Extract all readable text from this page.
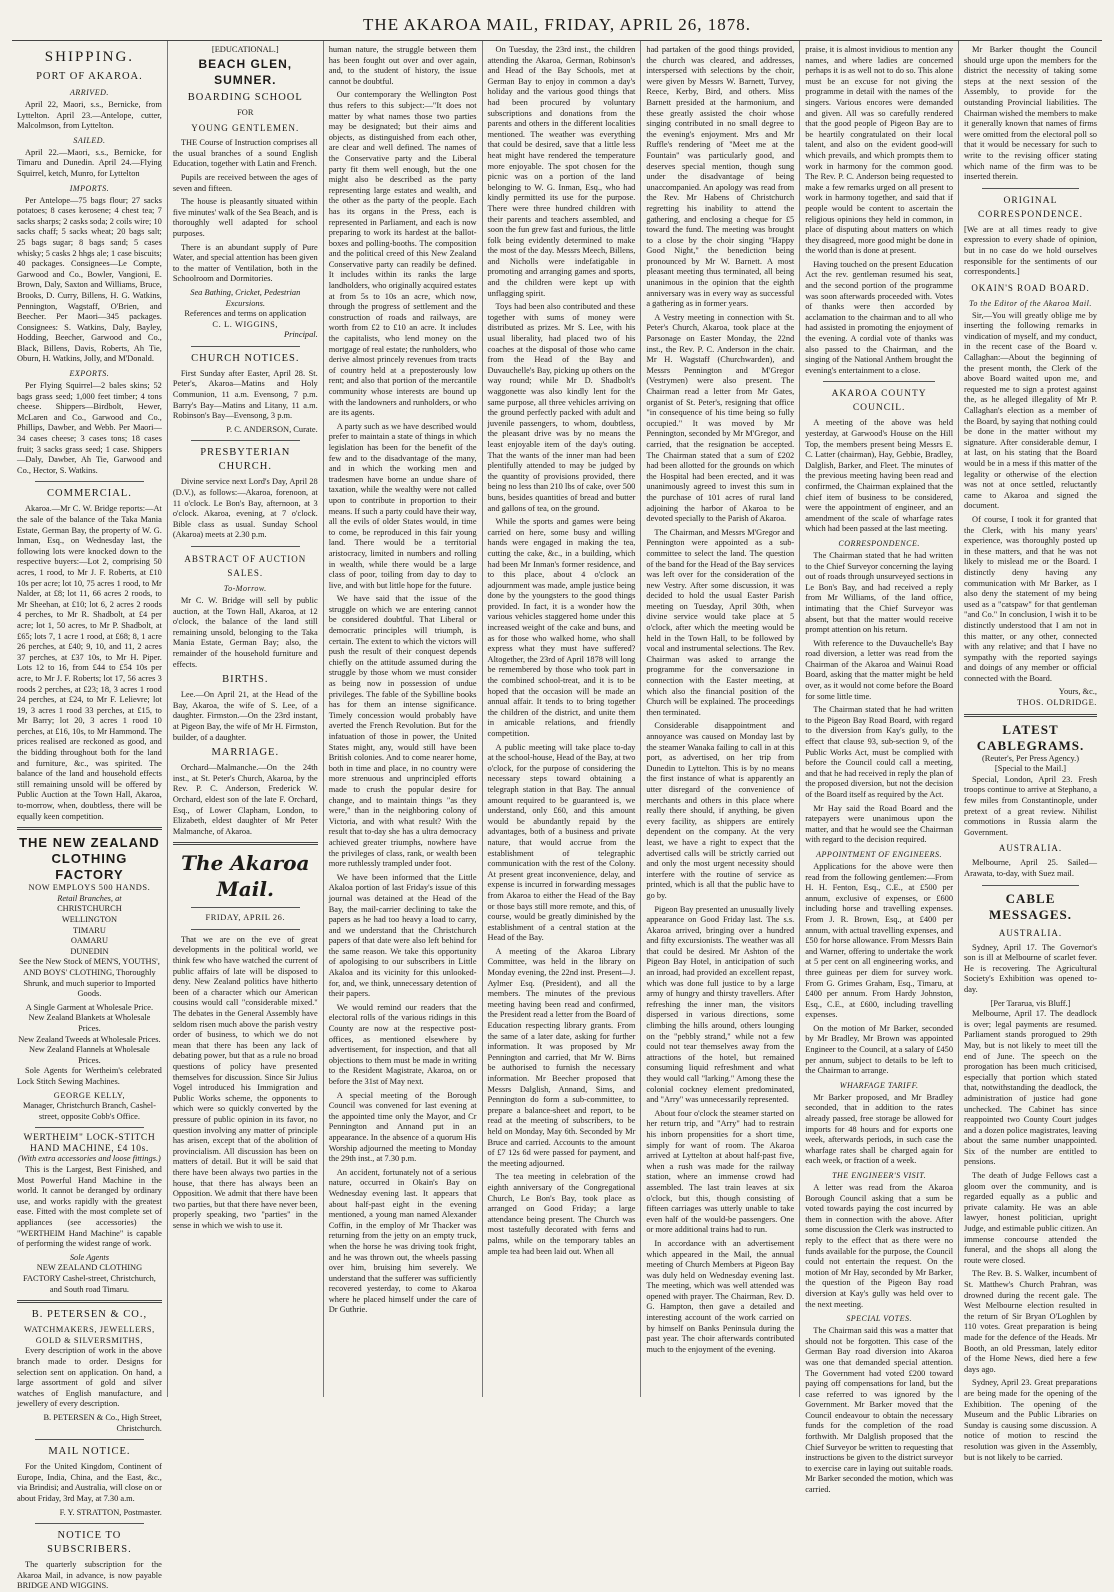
THE AKAROA MAIL, FRIDAY, APRIL 26, 1878.
SHIPPING.
PORT OF AKAROA.
ARRIVED.

April 22, Maori, s.s., Bernicke, from Lyttelton. April 23.—Antelope, cutter, Malcolmson, from Lyttelton.

SAILED.

April 22.—Maori, s.s., Bernicke, for Timaru and Dunedin. April 24.—Flying Squirrel, ketch, Munro, for Lyttelton

IMPORTS.

Per Antelope—75 bags flour; 27 sacks potatoes; 8 cases kerosene; 4 chest tea; 7 sacks sharps; 2 casks soda; 2 coils wire; 10 sacks chaff; 5 sacks wheat; 20 bags salt; 25 bags sugar; 8 bags sand; 5 cases whisky; 5 casks 2 hhgs ale; 1 case biscuits; 40 packages. Consignees—Le Compte, Garwood and Co., Bowler, Vangioni, E. Brown, Daly, Saxton and Williams, Bruce, Brooks, D. Curry, Billens, H. G. Watkins, Pennington, Wagstaff, O'Brien, and Beecher. Per Maori—345 packages. Consignees: S. Watkins, Daly, Bayley, Hodding, Beecher, Garwood and Co., Black, Billens, Davis, Roberts, Ah Tie, Oburn, H. Watkins, Jolly, and M'Donald.

EXPORTS.

Per Flying Squirrel—2 bales skins; 52 bags grass seed; 1,000 feet timber; 4 tons cheese. Shippers—Birdbolt, Hewer, McLaren and Co., Garwood and Co., Phillips, Dawber, and Webb. Per Maori—34 cases cheese; 3 cases tons; 18 cases fruit; 3 sacks grass seed; 1 case. Shippers—Daly, Dawber, Ah Tie, Garwood and Co., Hector, S. Watkins.

COMMERCIAL.

Akaroa.—Mr C. W. Bridge reports:—At the sale of the balance of the Taka Mania Estate, German Bay, the property of W. G. Inman, Esq., on Wednesday last, the following lots were knocked down to the respective buyers:—Lot 2, comprising 50 acres, 1 rood, to Mr J. F. Roberts, at £10 10s per acre; lot 10, 75 acres 1 rood, to Mr Nalder, at £8; lot 11, 66 acres 2 roods, to Mr Sheehan, at £10; lot 6, 2 acres 2 roods 4 perches, to Mr R. Shadbolt, at £4 per acre; lot 1, 50 acres, to Mr P. Shadbolt, at £65; lots 7, 1 acre 1 rood, at £68; 8, 1 acre 26 perches, at £40; 9, 10, and 11, 2 acres 37 perches, at £37 10s, to Mr H. Piper. Lots 12 to 16, from £44 to £54 10s per acre, to Mr J. F. Roberts; lot 17, 56 acres 3 roods 2 perches, at £23; 18, 3 acres 1 rood 24 perches, at £24, to Mr F. Lelievre; lot 19, 3 acres 1 rood 33 perches, at £15, to Mr Barry; lot 20, 3 acres 1 rood 10 perches, at £16, 10s, to Mr Hammond. The prices realised are reckoned as good, and the bidding throughout both for the land and furniture, &c., was spirited. The balance of the land and household effects still remaining unsold will be offered by Public Auction at the Town Hall, Akaroa, to-morrow, when, doubtless, there will be equally keen competition.

THE NEW ZEALAND CLOTHING FACTORY
NOW EMPLOYS 500 HANDS.
Retail Branches, at
CHRISTCHURCH
WELLINGTON
TIMARU
OAMARU
DUNEDIN

See the New Stock of MEN'S, YOUTHS', AND BOYS' CLOTHING, Thoroughly Shrunk, and much superior to Imported Goods.

A Single Garment at Wholesale Price.
New Zealand Blankets at Wholesale Prices.
New Zealand Tweeds at Wholesale Prices.
New Zealand Flannels at Wholesale Prices.

Sole Agents for Wertheim's celebrated Lock Stitch Sewing Machines.

GEORGE KELLY,
Manager, Christchurch Branch, Cashel-street, opposite Cobb's Office.
WERTHEIM" LOCK-STITCH HAND MACHINE, £4 10s.
(With extra accessories and loose fittings.)

This is the Largest, Best Finished, and Most Powerful Hand Machine in the world. It cannot be deranged by ordinary use, and works rapidly with the greatest ease. Fitted with the most complete set of appliances (see accessories) the "WERTHEIM Hand Machine" is capable of performing the widest range of work.

Sole Agents
NEW ZEALAND CLOTHING FACTORY Cashel-street, Christchurch, and South road Timaru.
B. PETERSEN & CO.,
WATCHMAKERS, JEWELLERS, GOLD & SILVERSMITHS,

Every description of work in the above branch made to order. Designs for selection sent on application. On hand, a large assortment of gold and silver watches of English manufacture, and jewellery of every description.

B. PETERSEN & Co., High Street, Christchurch.
MAIL NOTICE.

For the United Kingdom, Continent of Europe, India, China, and the East, &c., via Brindisi; and Australia, will close on or about Friday, 3rd May, at 7.30 a.m.

F. Y. STRATTON, Postmaster.
NOTICE TO SUBSCRIBERS.

The quarterly subscription for the Akaroa Mail, in advance, is now payable BRIDGE AND WIGGINS.

[EDUCATIONAL.]
BEACH GLEN, SUMNER.
BOARDING SCHOOL
FOR
YOUNG GENTLEMEN.

THE Course of Instruction comprises all the usual branches of a sound English Education, together with Latin and French.

Pupils are received between the ages of seven and fifteen.

The house is pleasantly situated within five minutes' walk of the Sea Beach, and is thoroughly well adapted for school purposes.

There is an abundant supply of Pure Water, and special attention has been given to the matter of Ventilation, both in the Schoolroom and Dormitories.

Sea Bathing, Cricket, Pedestrian Excursions.
References and terms on application
C. L. WIGGINS,
Principal.
CHURCH NOTICES.

First Sunday after Easter, April 28. St. Peter's, Akaroa—Matins and Holy Communion, 11 a.m. Evensong, 7 p.m. Barry's Bay—Matins and Litany, 11 a.m. Robinson's Bay—Evensong, 3 p.m.

P. C. ANDERSON, Curate.
PRESBYTERIAN CHURCH.

Divine service next Lord's Day, April 28 (D.V.), as follows:—Akaroa, forenoon, at 11 o'clock. Le Bon's Bay, afternoon, at 3 o'clock. Akaroa, evening, at 7 o'clock. Bible class as usual. Sunday School (Akaroa) meets at 2.30 p.m.

ABSTRACT OF AUCTION SALES.
To-Morrow.

Mr C. W. Bridge will sell by public auction, at the Town Hall, Akaroa, at 12 o'clock, the balance of the land still remaining unsold, belonging to the Taka Mania Estate, German Bay; also, the remainder of the household furniture and effects.

BIRTHS.

Lee.—On April 21, at the Head of the Bay, Akaroa, the wife of S. Lee, of a daughter. Firmston.—On the 23rd instant, at Pigeon Bay, the wife of Mr H. Firmston, builder, of a daughter.

MARRIAGE.

Orchard—Malmanche.—On the 24th inst., at St. Peter's Church, Akaroa, by the Rev. P. C. Anderson, Frederick W. Orchard, eldest son of the late F. Orchard, Esq., of Lower Clapham, London, to Elizabeth, eldest daughter of Mr Peter Malmanche, of Akaroa.

The Akaroa Mail.
FRIDAY, APRIL 26.

That we are on the eve of great developments in the political world, we think few who have watched the current of public affairs of late will be disposed to deny. New Zealand politics have hitherto been of a character which our American cousins would call "considerable mixed." The debates in the General Assembly have seldom risen much above the parish vestry order of business, to which we do not mean that there has been any lack of debating power, but that as a rule no broad questions of policy have presented themselves for discussion. Since Sir Julius Vogel introduced his Immigration and Public Works scheme, the opponents to which were so quickly converted by the pressure of public opinion in its favor, no question involving any matter of principle has arisen, except that of the abolition of provincialism. All discussion has been on matters of detail. But it will be said that there have been always two parties in the house, that there has always been an Opposition. We admit that there have been two parties, but that there have never been, properly speaking, two "parties" in the sense in which we wish to use it.

human nature, the struggle between them has been fought out over and over again, and, to the student of history, the issue cannot be doubtful.

Our contemporary the Wellington Post thus refers to this subject:—"It does not matter by what names those two parties may be designated; but their aims and objects, as distinguished from each other, are clear and well defined. The names of the Conservative party and the Liberal party fit them well enough, but the one might also be described as the party representing large estates and wealth, and the other as the party of the people. Each has its organs in the Press, each is represented in Parliament, and each is now preparing to work its hardest at the ballot-boxes and polling-booths. The composition and the political creed of this New Zealand Conservative party can readily be defined. It includes within its ranks the large landholders, who originally acquired estates at from 5s to 10s an acre, which now, through the progress of settlement and the construction of roads and railways, are worth from £2 to £10 an acre. It includes the capitalists, who lend money on the mortgage of real estate; the runholders, who derive almost princely revenues from tracts of country held at a preposterously low rent; and also that portion of the mercantile community whose interests are bound up with the landowners and runholders, or who are its agents.

A party such as we have described would prefer to maintain a state of things in which legislation has been for the benefit of the few and to the disadvantage of the many, and in which the working men and tradesmen have borne an undue share of taxation, while the wealthy were not called upon to contribute in proportion to their means. If such a party could have their way, all the evils of older States would, in time to come, be reproduced in this fair young land. There would be a territorial aristocracy, limited in numbers and rolling in wealth, while there would be a large class of poor, toiling from day to day to live, and with but little hope for the future.

We have said that the issue of the struggle on which we are entering cannot be considered doubtful. That Liberal or democratic principles will triumph, is certain. The extent to which the victors will push the result of their conquest depends chiefly on the attitude assumed during the struggle by those whom we must consider as being now in possession of undue privileges. The fable of the Sybilline books has for them an intense significance. Timely concession would probably have averted the French Revolution. But for the infatuation of those in power, the United States might, any, would still have been British colonies. And to come nearer home, both in time and place, in no country were more strenuous and unprincipled efforts made to crush the popular desire for change, and to maintain things "as they were," than in the neighboring colony of Victoria, and with what result? With the result that to-day she has a ultra democracy achieved greater triumphs, nowhere have the privileges of class, rank, or wealth been more ruthlessly trampled under foot.

We have been informed that the Little Akaloa portion of last Friday's issue of this journal was detained at the Head of the Bay, the mail-carrier declining to take the papers as he had too heavy a load to carry, and we understand that the Christchurch papers of that date were also left behind for the same reason. We take this opportunity of apologising to our subscribers in Little Akaloa and its vicinity for this unlooked-for, and, we think, unnecessary detention of their papers.

We would remind our readers that the electoral rolls of the various ridings in this County are now at the respective post-offices, as mentioned elsewhere by advertisement, for inspection, and that all objections to them must be made in writing to the Resident Magistrate, Akaroa, on or before the 31st of May next.

A special meeting of the Borough Council was convened for last evening at the appointed time only the Mayor, and Cr Pennington and Annand put in an appearance. In the absence of a quorum His Worship adjourned the meeting to Monday the 29th inst., at 7.30 p.m.

An accident, fortunately not of a serious nature, occurred in Okain's Bay on Wednesday evening last. It appears that about half-past eight in the evening mentioned, a young man named Alexander Coffin, in the employ of Mr Thacker was returning from the jetty on an empty truck, when the horse he was driving took fright, and he was thrown out, the wheels passing over him, bruising him severely. We understand that the sufferer was sufficiently recovered yesterday, to come to Akaroa where he placed himself under the care of Dr Guthrie.

On Tuesday, the 23rd inst., the children attending the Akaroa, German, Robinson's and Head of the Bay Schools, met at German Bay to enjoy in common a day's holiday and the various good things that had been procured by voluntary subscriptions and donations from the parents and others in the different localities mentioned. The weather was everything that could be desired, save that a little less heat might have rendered the temperature more enjoyable. The spot chosen for the picnic was on a portion of the land belonging to W. G. Inman, Esq., who had kindly permitted its use for the purpose. There were three hundred children with their parents and teachers assembled, and soon the fun grew fast and furious, the little folk being evidently determined to make the most of the day. Messrs Meech, Billens, and Nicholls were indefatigable in promoting and arranging games and sports, and the children were kept up with unflagging spirit.

Toys had been also contributed and these together with sums of money were distributed as prizes. Mr S. Lee, with his usual liberality, had placed two of his coaches at the disposal of those who came from the Head of the Bay and Duvauchelle's Bay, picking up others on the way round; while Mr D. Shadbolt's waggonette was also kindly lent for the same purpose, all three vehicles arriving on the ground perfectly packed with adult and juvenile passengers, to whom, doubtless, the pleasant drive was by no means the least enjoyable item of the day's outing. That the wants of the inner man had been plentifully attended to may be judged by the quantity of provisions provided, there being no less than 210 lbs of cake, over 500 buns, besides quantities of bread and butter and gallons of tea, on the ground.

While the sports and games were being carried on here, some busy and willing hands were engaged in making the tea, cutting the cake, &c., in a building, which had been Mr Inman's former residence, and to this place, about 4 o'clock an adjournment was made, ample justice being done by the youngsters to the good things provided. In fact, it is a wonder how the various vehicles staggered home under this increased weight of the cake and buns, and as for those who walked home, who shall express what they must have suffered? Altogether, the 23rd of April 1878 will long be remembered by those who took part in the combined school-treat, and it is to be hoped that the occasion will be made an annual affair. It tends to to bring together the children of the district, and unite them in amicable relations, and friendly competition.

A public meeting will take place to-day at the school-house, Head of the Bay, at two o'clock, for the purpose of considering the necessary steps toward obtaining a telegraph station in that Bay. The annual amount required to be guaranteed is, we understand, only £60, and this amount would be abundantly repaid by the advantages, both of a business and private nature, that would accrue from the establishment of telegraphic communication with the rest of the Colony. At present great inconvenience, delay, and expense is incurred in forwarding messages from Akaroa to either the Head of the Bay or those bays still more remote, and this, of course, would be greatly diminished by the establishment of a central station at the Head of the Bay.

A meeting of the Akaroa Library Committee, was held in the library on Monday evening, the 22nd inst. Present—J. Aylmer Esq. (President), and all the members. The minutes of the previous meeting having been read and confirmed, the President read a letter from the Board of Education respecting library grants. From the same of a later date, asking for further information. It was proposed by Mr Pennington and carried, that Mr W. Birns be authorised to furnish the necessary information. Mr Beecher proposed that Messrs Dalglish, Annand, Sims, and Pennington do form a sub-committee, to prepare a balance-sheet and report, to be read at the meeting of subscribers, to be held on Monday, May 6th. Seconded by Mr Bruce and carried. Accounts to the amount of £7 12s 6d were passed for payment, and the meeting adjourned.

The tea meeting in celebration of the eighth anniversary of the Congregational Church, Le Bon's Bay, took place as arranged on Good Friday; a large attendance being present. The Church was most tastefully decorated with ferns and palms, while on the temporary tables an ample tea had been laid out. When all

had partaken of the good things provided, the church was cleared, and addresses, interspersed with selections by the choir, were given by Messrs W. Barnett, Turvey, Reece, Kerby, Bird, and others. Miss Barnett presided at the harmonium, and these greatly assisted the choir whose singing contributed in no small degree to the evening's enjoyment. Mrs and Mr Ruffle's rendering of "Meet me at the Fountain" was particularly good, and deserves special mention, though sung under the disadvantage of being unaccompanied. An apology was read from the Rev. Mr Habens of Christchurch regretting his inability to attend the gathering, and enclosing a cheque for £5 toward the fund. The meeting was brought to a close by the choir singing "Happy Good Night," the benediction being pronounced by Mr W. Barnett. A most pleasant meeting thus terminated, all being unanimous in the opinion that the eighth anniversary was in every way as successful a gathering as in former years.

A Vestry meeting in connection with St. Peter's Church, Akaroa, took place at the Parsonage on Easter Monday, the 22nd inst., the Rev. P. C. Anderson in the chair. Mr H. Wagstaff (Churchwarden), and Messrs Pennington and M'Gregor (Vestrymen) were also present. The Chairman read a letter from Mr Gates, organist of St. Peter's, resigning that office "in consequence of his time being so fully occupied." It was moved by Mr Pennington, seconded by Mr M'Gregor, and carried, that the resignation be accepted. The Chairman stated that a sum of £202 had been allotted for the grounds on which the Hospital had been erected, and it was unanimously agreed to invest this sum in the purchase of 101 acres of rural land adjoining the harbor of Akaroa to be devoted specially to the Parish of Akaroa.

The Chairman, and Messrs M'Gregor and Pennington were appointed as a sub-committee to select the land. The question of the band for the Head of the Bay services was left over for the consideration of the new Vestry. After some discussion, it was decided to hold the usual Easter Parish meeting on Tuesday, April 30th, when divine service would take place at 5 o'clock, after which the meeting would be held in the Town Hall, to be followed by vocal and instrumental selections. The Rev. Chairman was asked to arrange the programme for the conversazione in connection with the Easter meeting, at which also the financial position of the Church will be explained. The proceedings then terminated.

Considerable disappointment and annoyance was caused on Monday last by the steamer Wanaka failing to call in at this port, as advertised, on her trip from Dunedin to Lyttelton. This is by no means the first instance of what is apparently an utter disregard of the convenience of merchants and others in this place where really there should, if anything, be given every facility, as shippers are entirely dependent on the company. At the very least, we have a right to expect that the advertised calls will be strictly carried out and only the most urgent necessity should interfere with the routine of service as printed, which is all that the public have to go by.

Pigeon Bay presented an unusually lively appearance on Good Friday last. The s.s. Akaroa arrived, bringing over a hundred and fifty excursionists. The weather was all that could be desired. Mr Ashton of the Pigeon Bay Hotel, in anticipation of such an inroad, had provided an excellent repast, which was done full justice to by a large army of hungry and thirsty travellers. After refreshing the inner man, the visitors dispersed in various directions, some climbing the hills around, others lounging on the "pebbly strand," while not a few could not tear themselves away from the attractions of the hotel, but remained consuming liquid refreshment and what they would call "larking." Among these the colonial cockney element predominated, and "Arry" was unnecessarily represented.

About four o'clock the steamer started on her return trip, and "Arry" had to restrain his inborn propensities for a short time, simply for want of room. The Akaroa arrived at Lyttelton at about half-past five, when a rush was made for the railway station, where an immense crowd had assembled. The last train leaves at six o'clock, but this, though consisting of fifteen carriages was utterly unable to take even half of the would-be passengers. One or more additional trains had to run.

In accordance with an advertisement which appeared in the Mail, the annual meeting of Church Members at Pigeon Bay was duly held on Wednesday evening last. The meeting, which was well attended was opened with prayer. The Chairman, Rev. D. G. Hampton, then gave a detailed and interesting account of the work carried on by himself on Banks Peninsula during the past year. The choir afterwards contributed much to the enjoyment of the evening.

praise, it is almost invidious to mention any names, and where ladies are concerned perhaps it is as well not to do so. This alone must be an excuse for not giving the programme in detail with the names of the singers. Various encores were demanded and given. All was so carefully rendered that the good people of Pigeon Bay are to be heartily congratulated on their local talent, and also on the evident good-will which prevails, and which prompts them to work in harmony for the common good. The Rev. P. C. Anderson being requested to make a few remarks urged on all present to work in harmony together, and said that if people would be content to ascertain the religious opinions they held in common, in place of disputing about matters on which they disagreed, more good might be done in the world than is done at present.

Having touched on the present Education Act the rev. gentleman resumed his seat, and the second portion of the programme was soon afterwards proceeded with. Votes of thanks were then accorded by acclamation to the chairman and to all who had assisted in promoting the enjoyment of the evening. A cordial vote of thanks was also passed to the Chairman, and the singing of the National Anthem brought the evening's entertainment to a close.

AKAROA COUNTY COUNCIL.

A meeting of the above was held yesterday, at Garwood's House on the Hill Top, the members present being Messrs E. C. Latter (chairman), Hay, Gebbie, Bradley, Dalglish, Barker, and Fleet. The minutes of the previous meeting having been read and confirmed, the Chairman explained that the chief item of business to be considered, were the appointment of engineer, and an amendment of the scale of wharfage rates which had been passed at the last meeting.

CORRESPONDENCE.

The Chairman stated that he had written to the Chief Surveyor concerning the laying out of roads through unsurveyed sections in Le Bon's Bay, and had received a reply from Mr Williams, of the land office, intimating that the Chief Surveyor was absent, but that the matter would receive prompt attention on his return.

With reference to the Duvauchelle's Bay road diversion, a letter was read from the Chairman of the Akaroa and Wainui Road Board, asking that the matter might be held over, as it would not come before the Board for some little time.

The Chairman stated that he had written to the Pigeon Bay Road Board, with regard to the diversion from Kay's gully, to the effect that clause 93, sub-section 9, of the Public Works Act, must be complied with before the Council could call a meeting, and that he had received in reply the plan of the proposed diversion, but not the decision of the Board itself as required by the Act.

Mr Hay said the Road Board and the ratepayers were unanimous upon the matter, and that he would see the Chairman with regard to the decision required.

APPOINTMENT OF ENGINEERS.

Applications for the above were then read from the following gentlemen:—From H. H. Fenton, Esq., C.E., at £500 per annum, exclusive of expenses, or £600 including horse and travelling expenses. From J. R. Brown, Esq., at £400 per annum, with actual travelling expenses, and £50 for horse allowance. From Messrs Bain and Warner, offering to undertake the work at 5 per cent on all engineering works, and three guineas per diem for survey work. From G. Grimes Graham, Esq., Timaru, at £400 per annum. From Hardy Johnston, Esq., C.E., at £600, including travelling expenses.

On the motion of Mr Barker, seconded by Mr Bradley, Mr Brown was appointed Engineer to the Council, at a salary of £450 per annum, subject to details to be left to the Chairman to arrange.

WHARFAGE TARIFF.

Mr Barker proposed, and Mr Bradley seconded, that in addition to the rates already passed, free storage be allowed for imports for 48 hours and for exports one week, afterwards periods, in such case the wharfage rates shall be charged again for each week, or fraction of a week.

THE ENGINEER'S VISIT.

A letter was read from the Akaroa Borough Council asking that a sum be voted towards paying the cost incurred by them in connection with the above. After some discussion the Clerk was instructed to reply to the effect that as there were no funds available for the purpose, the Council could not entertain the request. On the motion of Mr Hay, seconded by Mr Barker, the question of the Pigeon Bay road diversion at Kay's gully was held over to the next meeting.

SPECIAL VOTES.

The Chairman said this was a matter that should not be forgotten. This case of the German Bay road diversion into Akaroa was one that demanded special attention. The Government had voted £200 toward paying off compensations for land, but the case referred to was ignored by the Government. Mr Barker moved that the Council endeavour to obtain the necessary funds for the completion of the road forthwith. Mr Dalglish proposed that the Chief Surveyor be written to requesting that instructions be given to the district surveyor to exercise care in laying out suitable roads. Mr Barker seconded the motion, which was carried.

Mr Barker thought the Council should urge upon the members for the district the necessity of taking some steps at the next session of the Assembly, to provide for the outstanding Provincial liabilities. The Chairman wished the members to make it generally known that names of firms were omitted from the electoral poll so that it would be necessary for such to write to the revising officer stating which name of the firm was to be inserted therein.

ORIGINAL CORRESPONDENCE.

[We are at all times ready to give expression to every shade of opinion, but in no case do we hold ourselves responsible for the sentiments of our correspondents.]

OKAIN'S ROAD BOARD.
To the Editor of the Akaroa Mail.

Sir,—You will greatly oblige me by inserting the following remarks in vindication of myself, and my conduct, in the recent case of the Board v. Callaghan:—About the beginning of the present month, the Clerk of the above Board waited upon me, and requested me to sign a protest against the, as he alleged illegality of Mr P. Callaghan's election as a member of the Board, by saying that nothing could be done in the matter without my signature. After considerable demur, I at last, on his stating that the Board would be in a mess if this matter of the legality or otherwise of the election was not at once settled, reluctantly came to Akaroa and signed the document.

Of course, I took it for granted that the Clerk, with his many years' experience, was thoroughly posted up in these matters, and that he was not likely to mislead me or the Board. I distinctly deny having any communication with Mr Barker, as I also deny the statement of my being used as a "catspaw" for that gentleman "and Co." In conclusion, I wish it to be distinctly understood that I am not in this matter, or any other, connected with any relative; and that I have no sympathy with the reported sayings and doings of any member or official connected with the Board.

Yours, &c.,
THOS. OLDRIDGE.
LATEST CABLEGRAMS.
(Reuter's, Per Press Agency.)
[Special to the Mail.]

Special, London, April 23. Fresh troops continue to arrive at Stephano, a few miles from Constantinople, under pretext of a great review. Nihilist commotions in Russia alarm the Government.

AUSTRALIA.

Melbourne, April 25. Sailed—Arawata, to-day, with Suez mail.

CABLE MESSAGES.
AUSTRALIA.

Sydney, April 17. The Governor's son is ill at Melbourne of scarlet fever. He is recovering. The Agricultural Society's Exhibition was opened to-day.

[Per Tararua, vis Bluff.]

Melbourne, April 17. The deadlock is over; legal payments are resumed. Parliament stands prorogued to 29th May, but is not likely to meet till the end of June. The speech on the prorogation has been much criticised, especially that portion which stated that, notwithstanding the deadlock, the administration of justice had gone unchecked. The Cabinet has since reappointed two County Court judges and a dozen police magistrates, leaving about the same number unappointed. Six of the number are entitled to pensions.

The death of Judge Fellows cast a gloom over the community, and is regarded equally as a public and private calamity. He was an able lawyer, honest politician, upright Judge, and estimable public citizen. An immense concourse attended the funeral, and the shops all along the route were closed.

The Rev. B. S. Walker, incumbent of St. Matthew's Church Prahran, was drowned during the recent gale. The West Melbourne election resulted in the return of Sir Bryan O'Loghlen by 110 votes. Great preparation is being made for the defence of the Heads. Mr Booth, an old Pressman, lately editor of the Home News, died here a few days ago.

Sydney, April 23. Great preparations are being made for the opening of the Exhibition. The opening of the Museum and the Public Libraries on Sunday is causing some discussion. A notice of motion to rescind the resolution was given in the Assembly, but is not likely to be carried.
